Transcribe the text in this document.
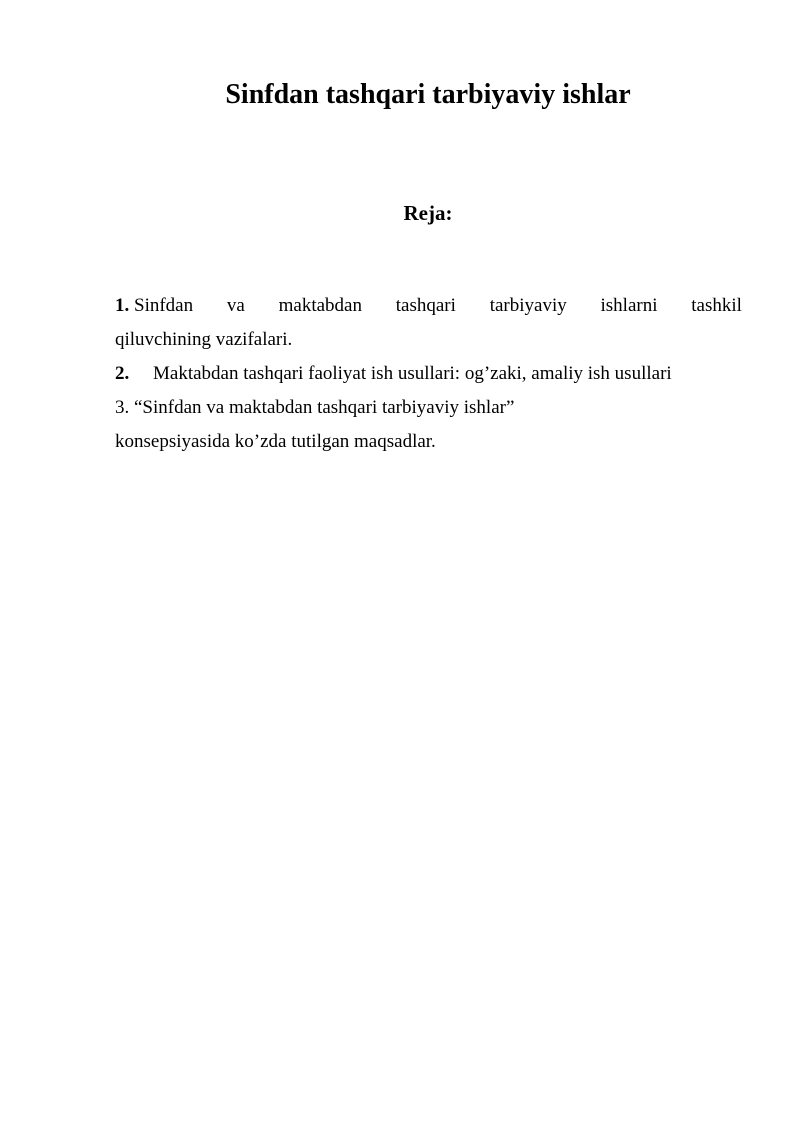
Sinfdan tashqari tarbiyaviy ishlar
Reja:
1. Sinfdan va maktabdan tashqari tarbiyaviy ishlarni tashkil
qiluvchining vazifalari.
2. Maktabdan tashqari faoliyat ish usullari: og’zaki, amaliy ish usullari
3. “Sinfdan va maktabdan tashqari tarbiyaviy ishlar”
konsepsiyasida ko’zda tutilgan maqsadlar.
